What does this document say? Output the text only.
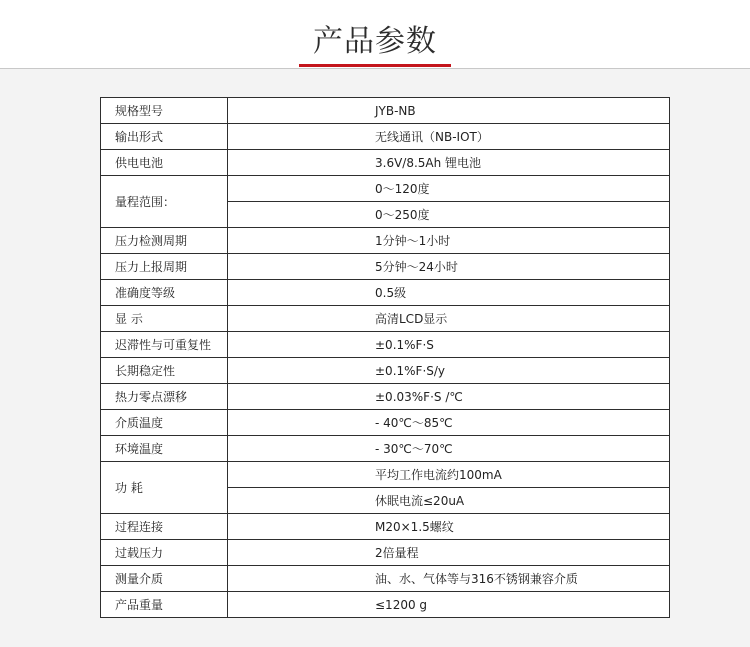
产品参数
规格型号	JYB-NB
输出形式	无线通讯（NB-IOT）
供电电池	3.6V/8.5Ah 锂电池
量程范围：	0～120度
	0～250度
压力检测周期	1分钟～1小时
压力上报周期	5分钟～24小时
准确度等级	0.5级
显 示	高清LCD显示
迟滞性与可重复性	±0.1%F·S
长期稳定性	±0.1%F·S/y
热力零点漂移	±0.03%F·S /℃
介质温度	- 40℃～85℃
环境温度	- 30℃～70℃
功 耗	平均工作电流约100mA
	休眠电流≤20uA
过程连接	M20×1.5螺纹
过载压力	2倍量程
测量介质	油、水、气体等与316不锈钢兼容介质
产品重量	≤1200 g
